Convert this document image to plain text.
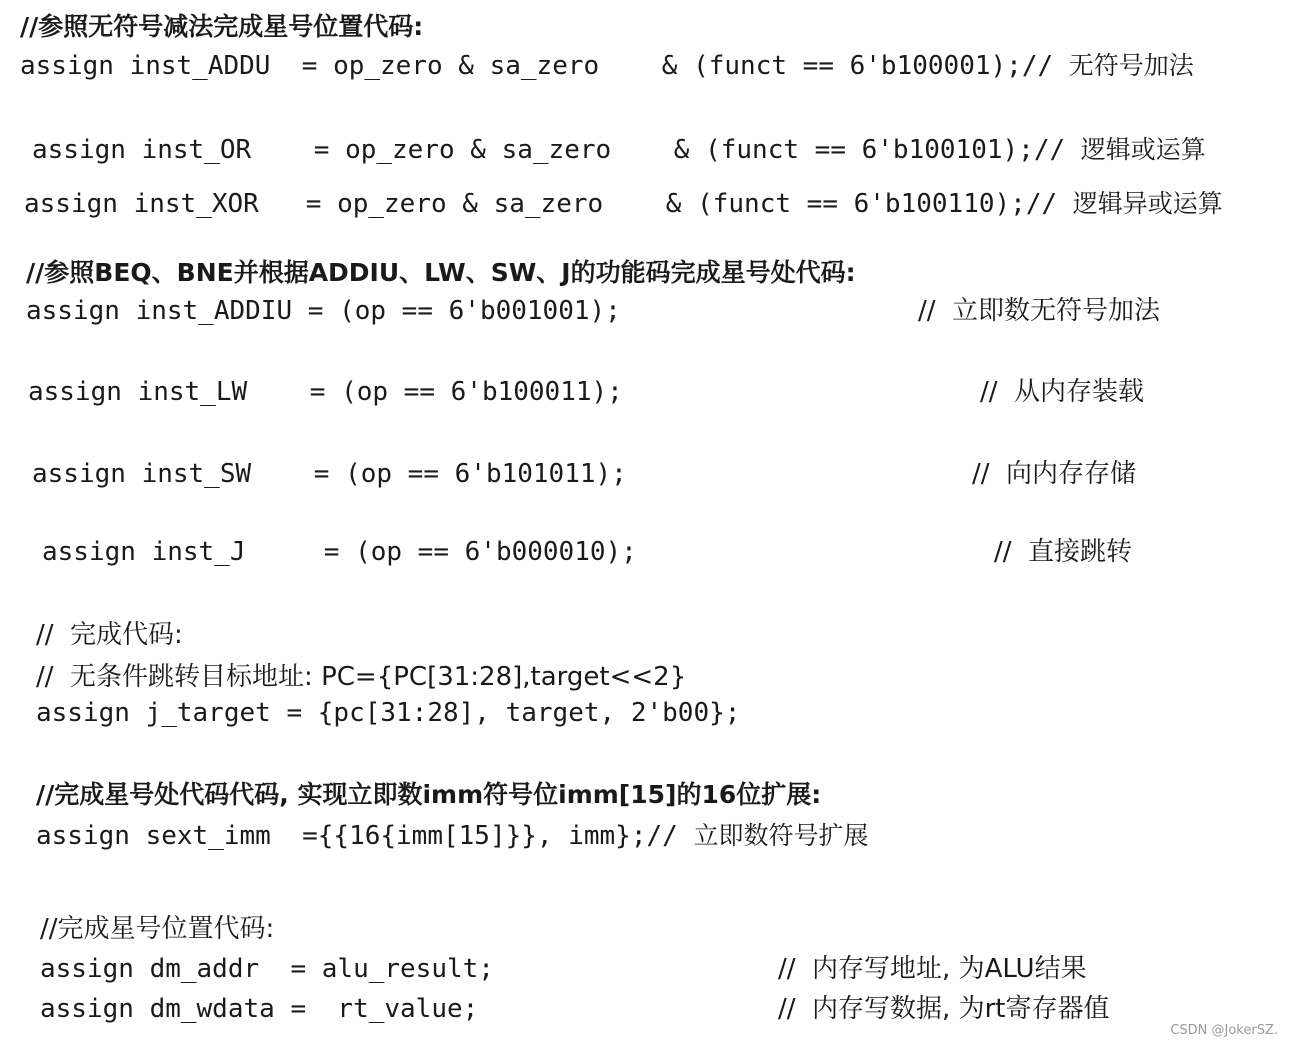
//参照无符号减法完成星号位置代码:
assign inst_ADDU  = op_zero & sa_zero    & (funct == 6'b100001);// 无符号加法
assign inst_OR    = op_zero & sa_zero    & (funct == 6'b100101);// 逻辑或运算
assign inst_XOR   = op_zero & sa_zero    & (funct == 6'b100110);// 逻辑异或运算
//参照BEQ、BNE并根据ADDIU、LW、SW、J的功能码完成星号处代码:
assign inst_ADDIU = (op == 6'b001001);	//  立即数无符号加法
assign inst_LW    = (op == 6'b100011);	//  从内存装载
assign inst_SW    = (op == 6'b101011);	//  向内存存储
assign inst_J     = (op == 6'b000010);	//  直接跳转
//  完成代码:
//  无条件跳转目标地址: PC={PC[31:28],target<<2}
assign j_target = {pc[31:28], target, 2'b00};
//完成星号处代码代码, 实现立即数imm符号位imm[15]的16位扩展:
assign sext_imm  ={{16{imm[15]}}, imm};// 立即数符号扩展
//完成星号位置代码:
assign dm_addr  = alu_result;	//  内存写地址, 为ALU结果
assign dm_wdata =  rt_value;	//  内存写数据, 为rt寄存器值
CSDN @JokerSZ.
